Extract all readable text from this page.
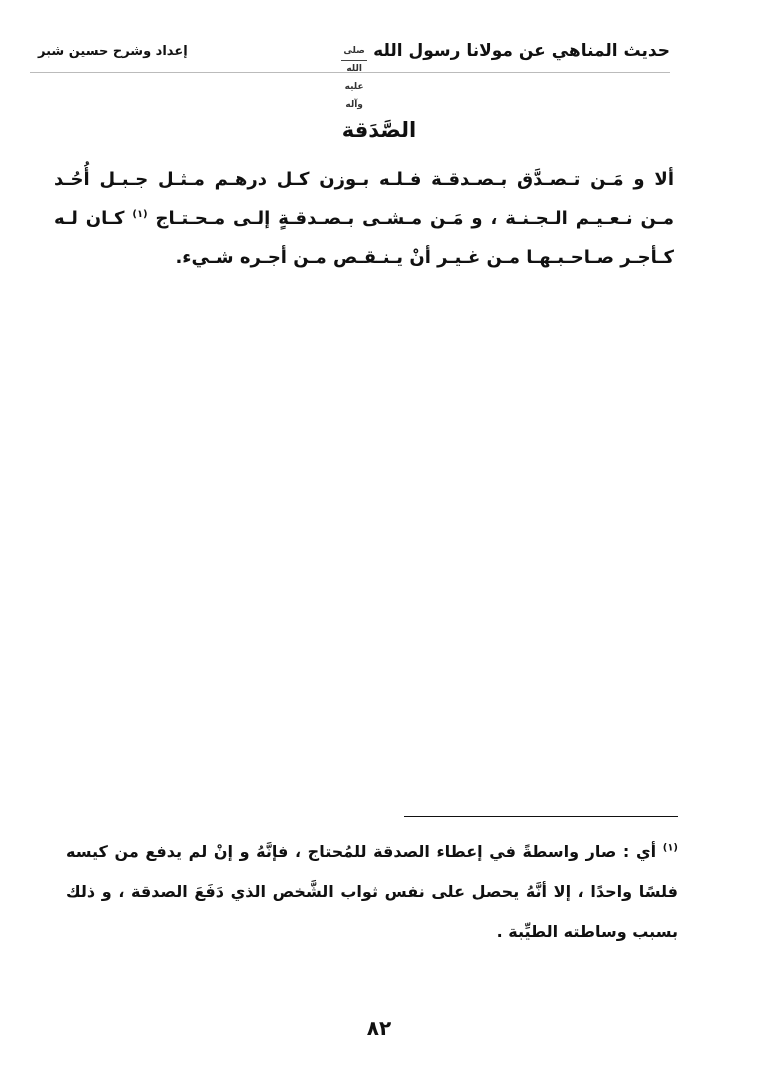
حديث المناهي عن مولانا رسول الله
صلى الله عليه وآله
إعداد وشرح حسين شبر
الصَّدَقة
ألا و مَـن تـصـدَّق بـصـدقـة فـلـه بـوزن كـل درهـم مـثـل جـبـل أُحُـد مـن نـعـيـم الـجـنـة ، و مَـن مـشـى بـصـدقـةٍ إلـى مـحـتـاج $^{(١)}$ كـان لـه كـأجـر صـاحـبـهـا مـن غـيـر أنْ يـنـقـص مـن أجـره شـيء.
$^{(١)}$ أي : صار واسطةً في إعطاء الصدقة للمُحتاج ، فإنَّهُ و إنْ لم يدفع من كيسه فلسًا واحدًا ، إلا أنَّهُ يحصل على نفس ثواب الشَّخص الذي دَفَعَ الصدقة ، و ذلك بسبب وساطته الطيِّبة .
٨٢
